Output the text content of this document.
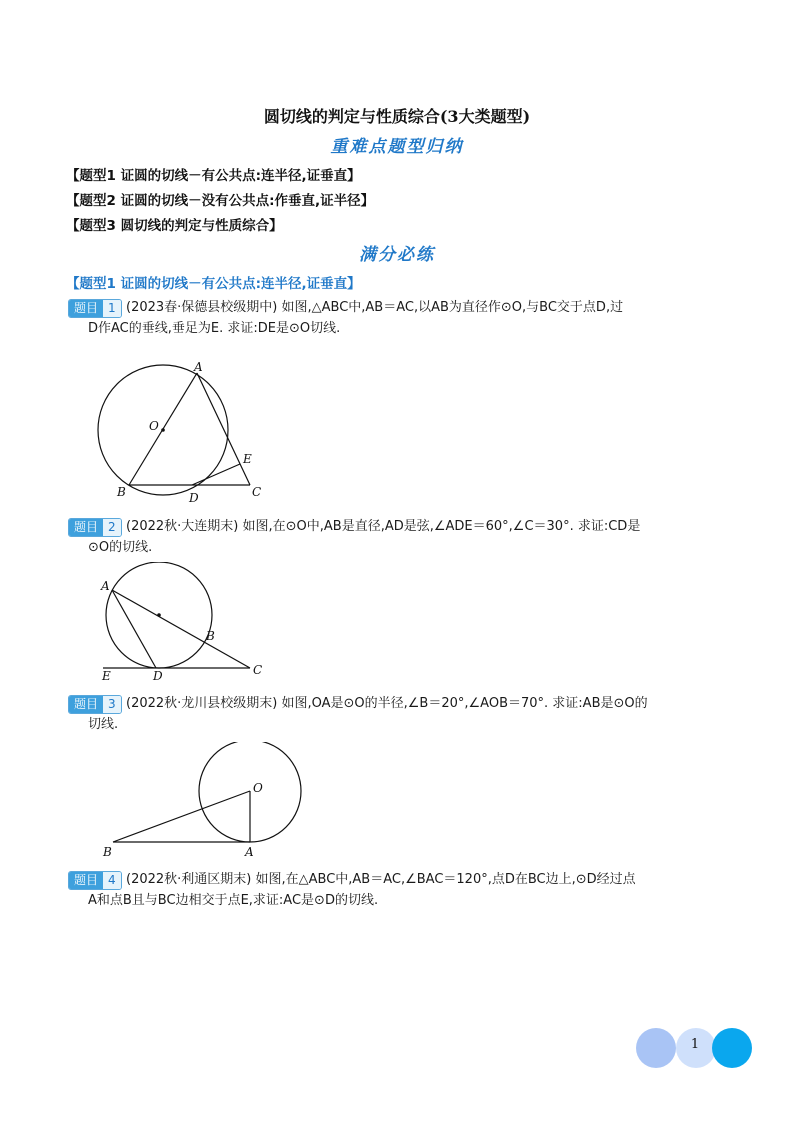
圆切线的判定与性质综合(3大类题型)
重难点题型归纳
【题型1 证圆的切线－有公共点:连半径,证垂直】
【题型2 证圆的切线－没有公共点:作垂直,证半径】
【题型3 圆切线的判定与性质综合】
满分必练
【题型1 证圆的切线－有公共点:连半径,证垂直】
题目 1 (2023春·保德县校级期中) 如图,△ABC中,AB＝AC,以AB为直径作⊙O,与BC交于点D,过
D作AC的垂线,垂足为E. 求证:DE是⊙O切线.
A
O
E
B	D	C
题目 2 (2022秋·大连期末) 如图,在⊙O中,AB是直径,AD是弦,∠ADE＝60°,∠C＝30°. 求证:CD是
⊙O的切线.
A
B
E	D	C
题目 3 (2022秋·龙川县校级期末) 如图,OA是⊙O的半径,∠B＝20°,∠AOB＝70°. 求证:AB是⊙O的
切线.
O
B	A
题目 4 (2022秋·利通区期末) 如图,在△ABC中,AB＝AC,∠BAC＝120°,点D在BC边上,⊙D经过点
A和点B且与BC边相交于点E,求证:AC是⊙D的切线.
1
